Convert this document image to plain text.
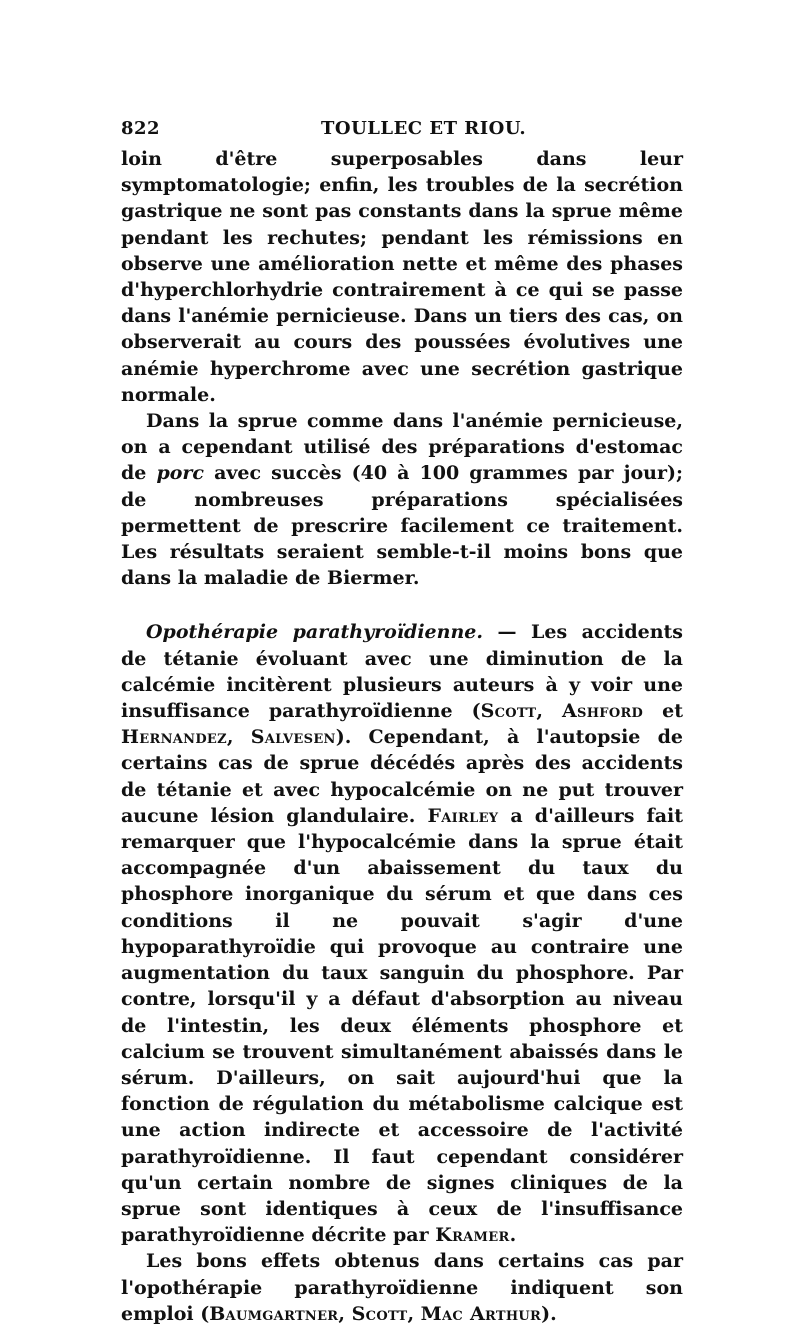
822	TOULLEC ET RIOU.

loin d'être superposables dans leur symptomatologie; enfin, les troubles de la secrétion gastrique ne sont pas constants dans la sprue même pendant les rechutes; pendant les rémissions en observe une amélioration nette et même des phases d'hyperchlorhydrie contrairement à ce qui se passe dans l'anémie pernicieuse. Dans un tiers des cas, on observerait au cours des poussées évolutives une anémie hyperchrome avec une secrétion gastrique normale.

Dans la sprue comme dans l'anémie pernicieuse, on a cependant utilisé des préparations d'estomac de porc avec succès (40 à 100 grammes par jour); de nombreuses préparations spécialisées permettent de prescrire facilement ce traitement. Les résultats seraient semble-t-il moins bons que dans la maladie de Biermer.

Opothérapie parathyroïdienne. — Les accidents de tétanie évoluant avec une diminution de la calcémie incitèrent plusieurs auteurs à y voir une insuffisance parathyroïdienne (Scott, Ashford et Hernandez, Salvesen). Cependant, à l'autopsie de certains cas de sprue décédés après des accidents de tétanie et avec hypocalcémie on ne put trouver aucune lésion glandulaire. Fairley a d'ailleurs fait remarquer que l'hypocalcémie dans la sprue était accompagnée d'un abaissement du taux du phosphore inorganique du sérum et que dans ces conditions il ne pouvait s'agir d'une hypoparathyroïdie qui provoque au contraire une augmentation du taux sanguin du phosphore. Par contre, lorsqu'il y a défaut d'absorption au niveau de l'intestin, les deux éléments phosphore et calcium se trouvent simultanément abaissés dans le sérum. D'ailleurs, on sait aujourd'hui que la fonction de régulation du métabolisme calcique est une action indirecte et accessoire de l'activité parathyroïdienne. Il faut cependant considérer qu'un certain nombre de signes cliniques de la sprue sont identiques à ceux de l'insuffisance parathyroïdienne décrite par Kramer.

Les bons effets obtenus dans certains cas par l'opothérapie parathyroïdienne indiquent son emploi (Baumgartner, Scott, Mac Arthur).
